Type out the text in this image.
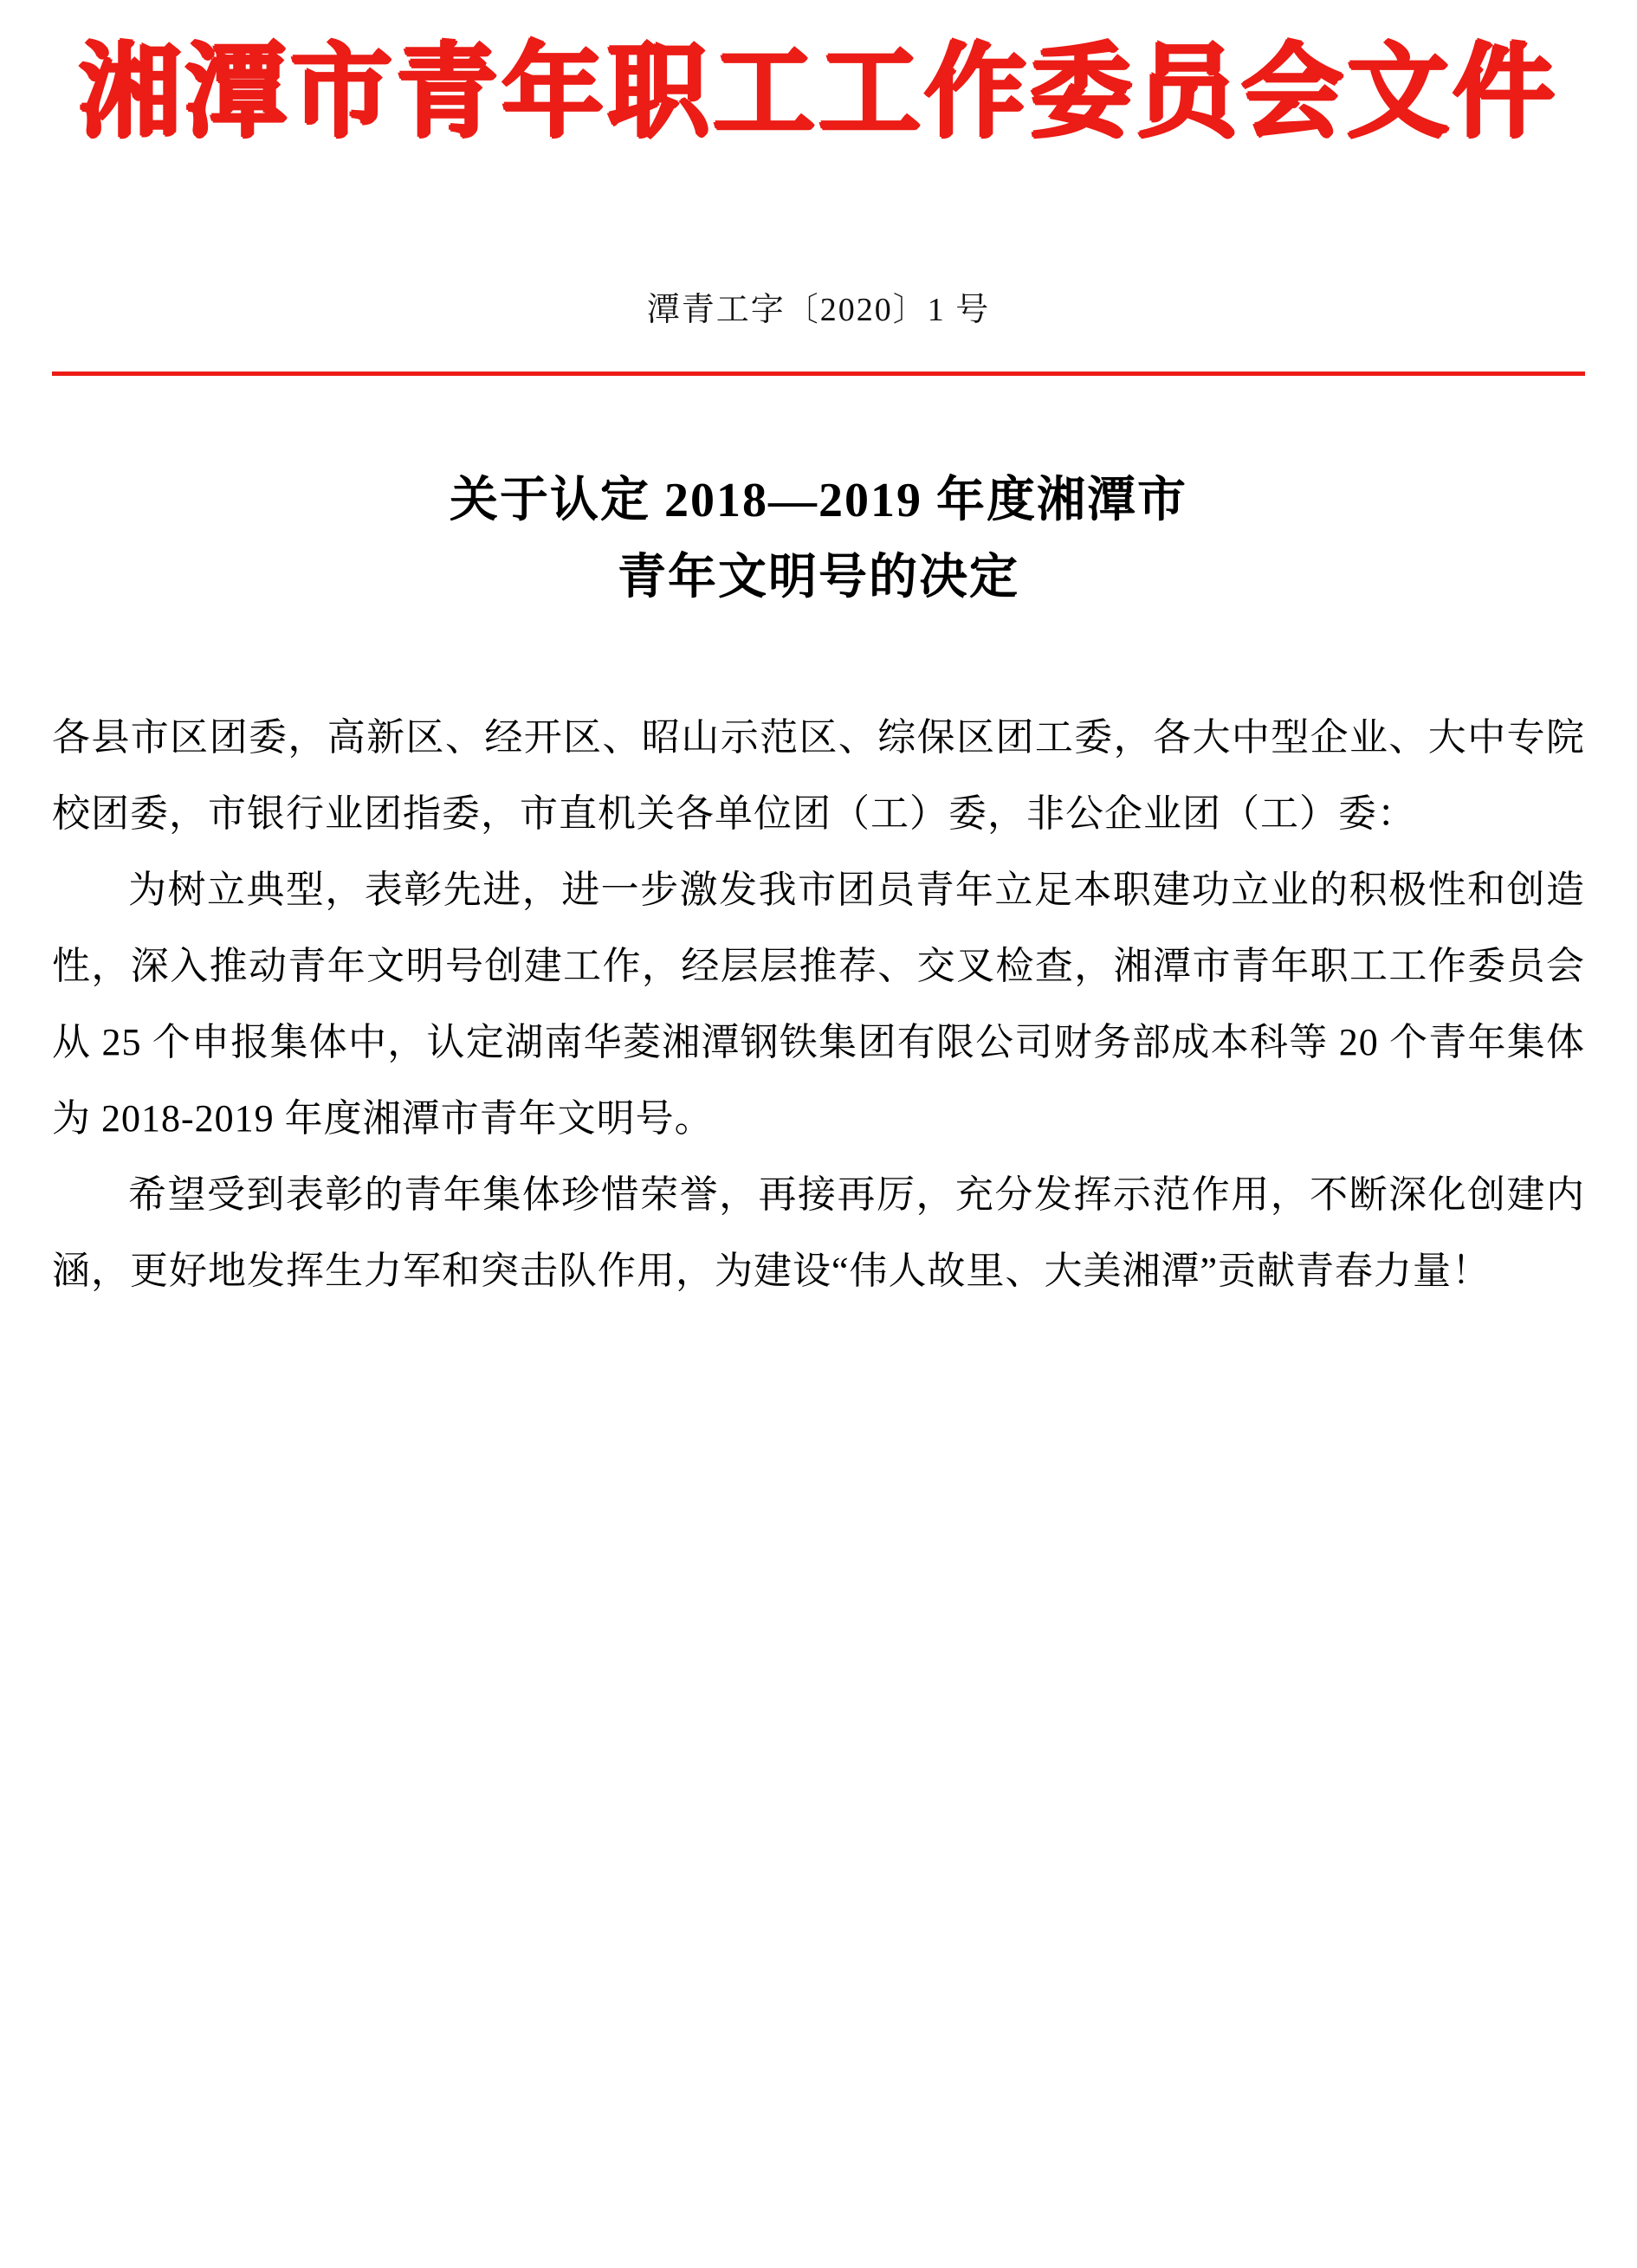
湘潭市青年职工工作委员会文件
潭青工字〔2020〕1 号
关于认定 2018—2019 年度湘潭市
青年文明号的决定

各县市区团委，高新区、经开区、昭山示范区、综保区团工委，各大中型企业、大中专院校团委，市银行业团指委，市直机关各单位团（工）委，非公企业团（工）委：

为树立典型，表彰先进，进一步激发我市团员青年立足本职建功立业的积极性和创造性，深入推动青年文明号创建工作，经层层推荐、交叉检查，湘潭市青年职工工作委员会从 25 个申报集体中，认定湖南华菱湘潭钢铁集团有限公司财务部成本科等 20 个青年集体为 2018-2019 年度湘潭市青年文明号。

希望受到表彰的青年集体珍惜荣誉，再接再厉，充分发挥示范作用，不断深化创建内涵，更好地发挥生力军和突击队作用，为建设“伟人故里、大美湘潭”贡献青春力量！
